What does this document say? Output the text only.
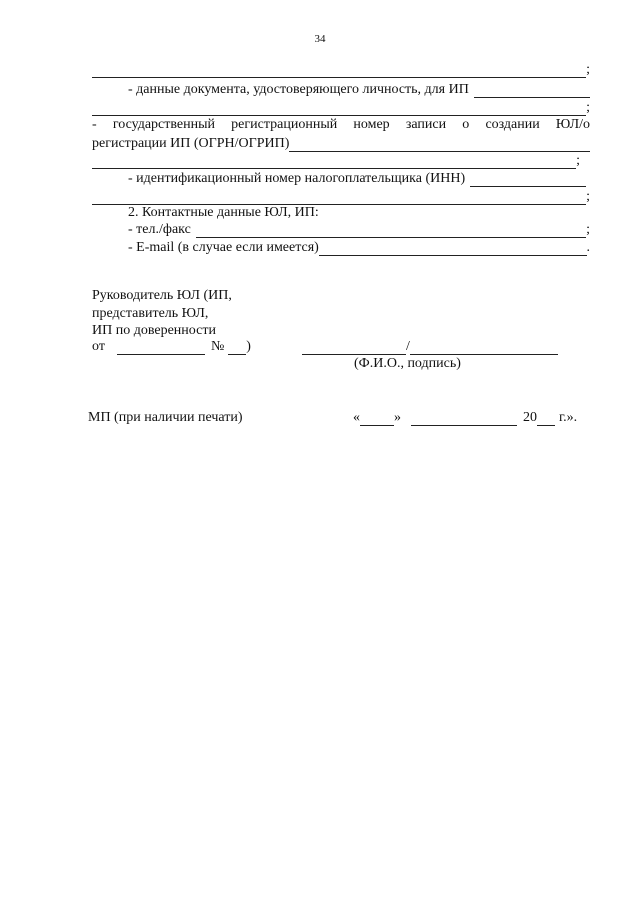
34
;
- данные документа, удостоверяющего личность, для ИП
;
- государственный регистрационный номер записи о создании ЮЛ/о
регистрации ИП (ОГРН/ОГРИП)
;
- идентификационный номер налогоплательщика (ИНН)
;
2. Контактные данные ЮЛ, ИП:
- тел./факс	;
- E-mail (в случае если имеется)	.
Руководитель ЮЛ (ИП,
представитель ЮЛ,
ИП по доверенности
от	№ )	/
(Ф.И.О., подпись)
МП (при наличии печати)	« »	20 г.».
